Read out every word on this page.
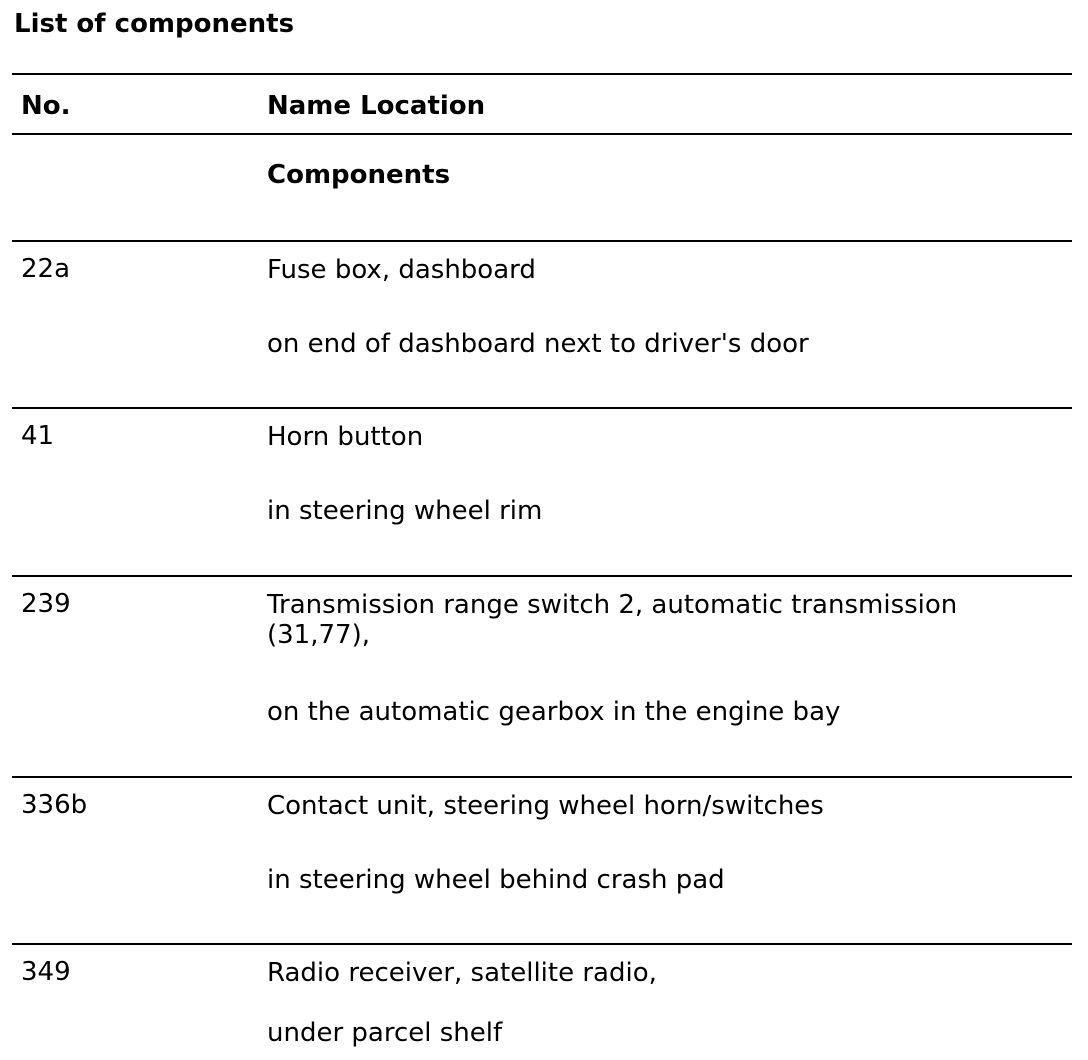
List of components
No.	Name Location
Components
22a	Fuse box, dashboard
on end of dashboard next to driver's door
41	Horn button
in steering wheel rim
239	Transmission range switch 2, automatic transmission (31,77),
on the automatic gearbox in the engine bay
336b	Contact unit, steering wheel horn/switches
in steering wheel behind crash pad
349	Radio receiver, satellite radio,
under parcel shelf
